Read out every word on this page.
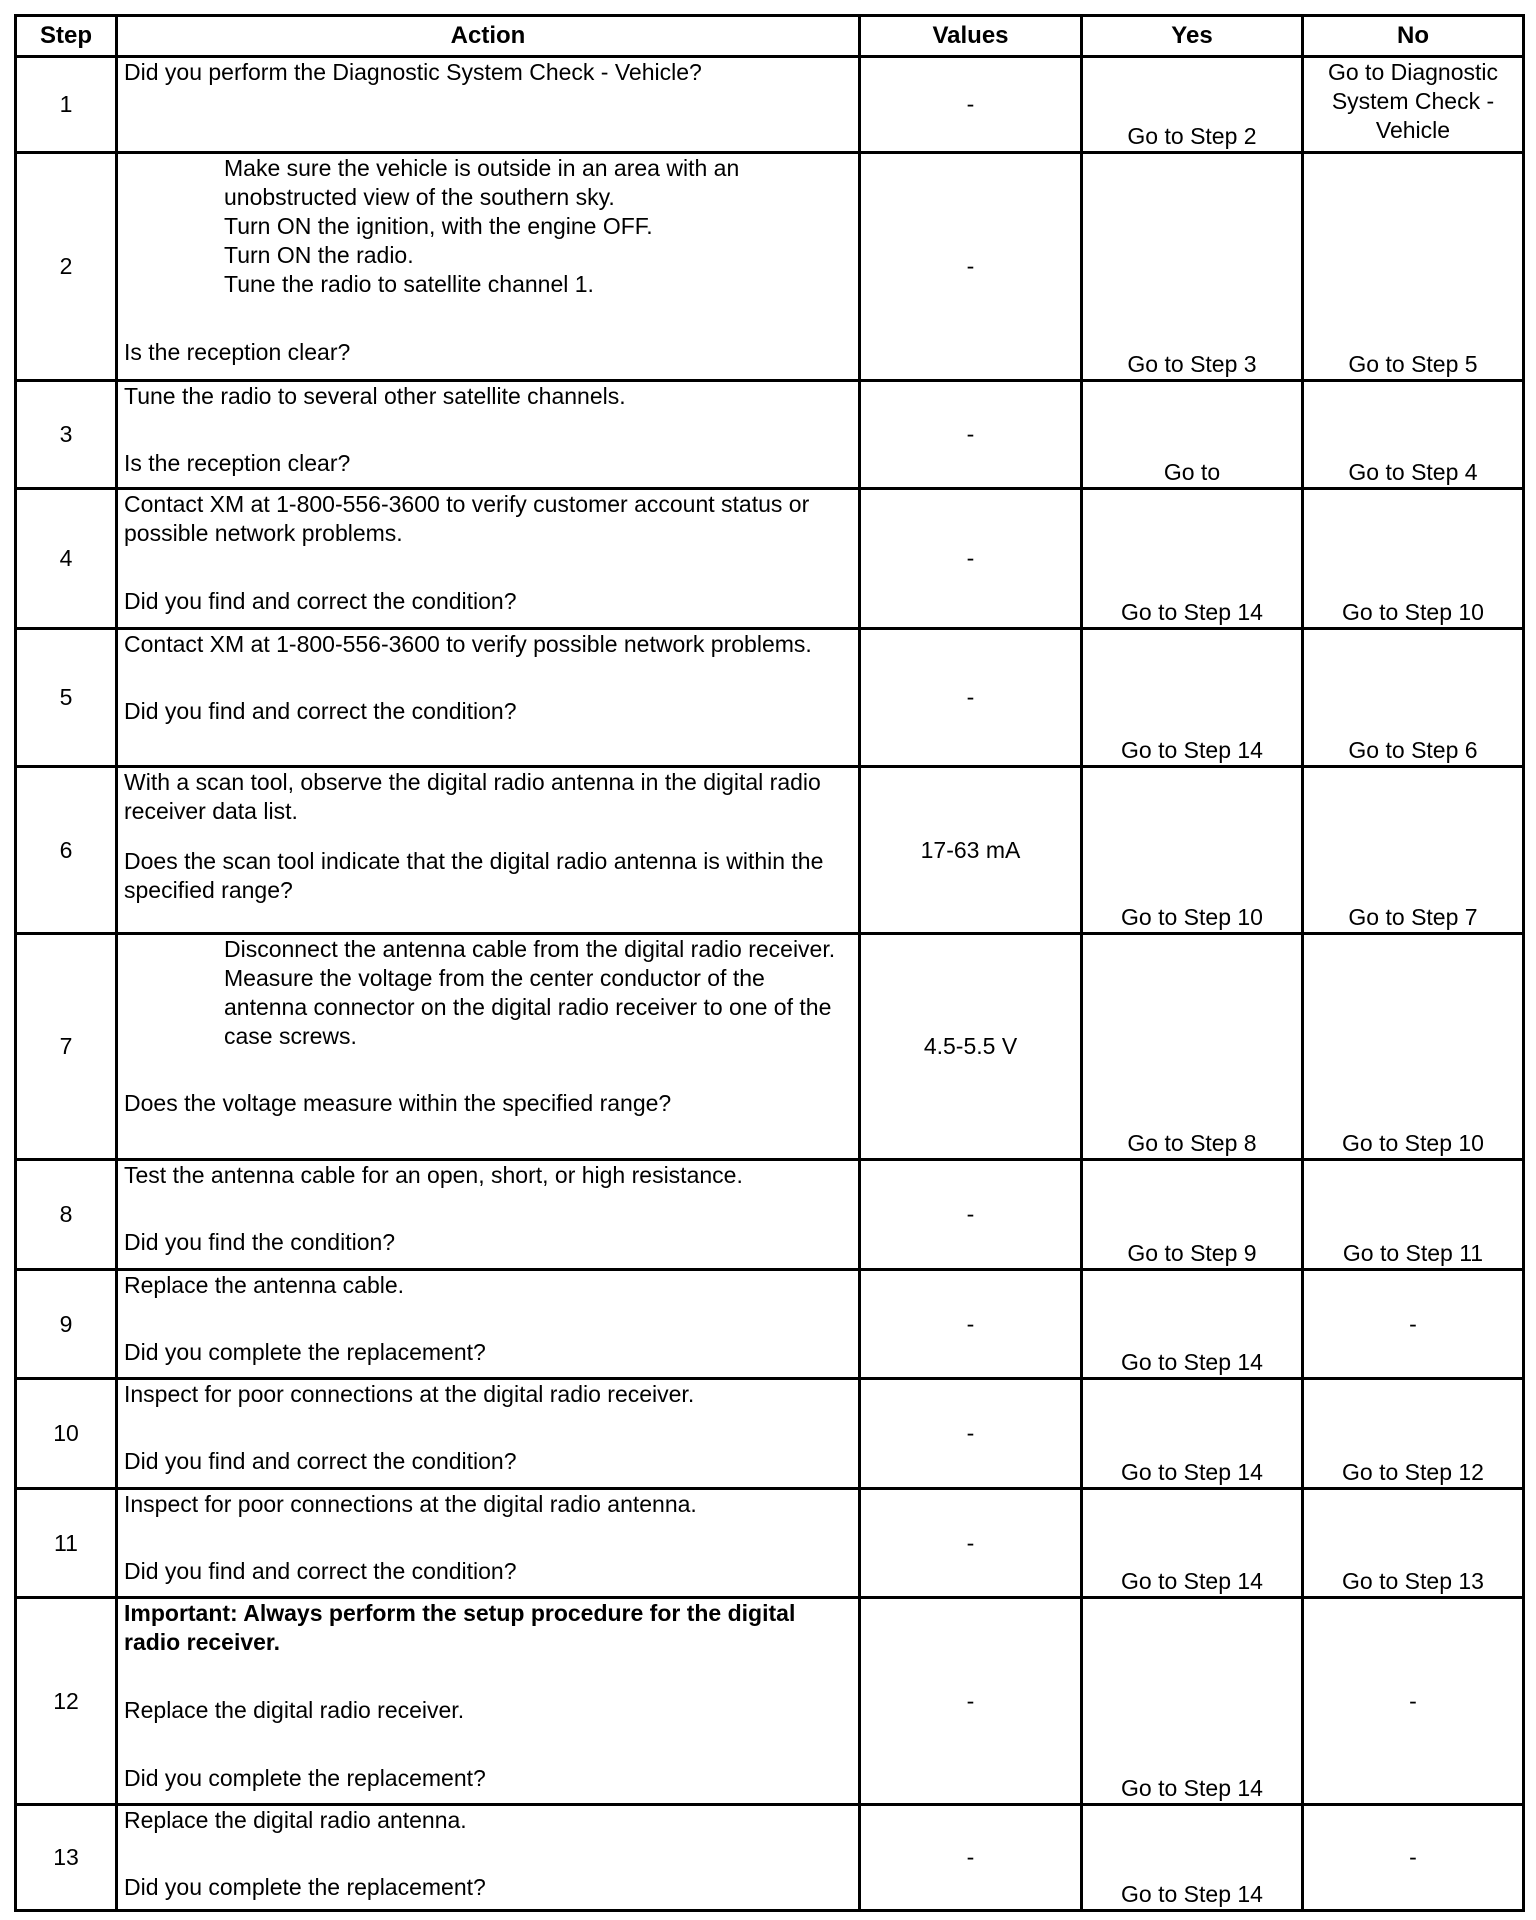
Step	Action	Values	Yes	No
1	Did you perform the Diagnostic System Check - Vehicle?	-	Go to Step 2	Go to Diagnostic System Check - Vehicle
2	Make sure the vehicle is outside in an area with an unobstructed view of the southern sky.
Turn ON the ignition, with the engine OFF.
Turn ON the radio.
Tune the radio to satellite channel 1.
Is the reception clear?	-	Go to Step 3	Go to Step 5
3	Tune the radio to several other satellite channels.
Is the reception clear?	-	Go to	Go to Step 4
4	Contact XM at 1-800-556-3600 to verify customer account status or possible network problems.
Did you find and correct the condition?	-	Go to Step 14	Go to Step 10
5	Contact XM at 1-800-556-3600 to verify possible network problems.
Did you find and correct the condition?	-	Go to Step 14	Go to Step 6
6	With a scan tool, observe the digital radio antenna in the digital radio receiver data list.
Does the scan tool indicate that the digital radio antenna is within the specified range?	17-63 mA	Go to Step 10	Go to Step 7
7	Disconnect the antenna cable from the digital radio receiver.
Measure the voltage from the center conductor of the antenna connector on the digital radio receiver to one of the case screws.
Does the voltage measure within the specified range?	4.5-5.5 V	Go to Step 8	Go to Step 10
8	Test the antenna cable for an open, short, or high resistance.
Did you find the condition?	-	Go to Step 9	Go to Step 11
9	Replace the antenna cable.
Did you complete the replacement?	-	Go to Step 14	-
10	Inspect for poor connections at the digital radio receiver.
Did you find and correct the condition?	-	Go to Step 14	Go to Step 12
11	Inspect for poor connections at the digital radio antenna.
Did you find and correct the condition?	-	Go to Step 14	Go to Step 13
12	Important: Always perform the setup procedure for the digital radio receiver.
Replace the digital radio receiver.
Did you complete the replacement?	-	Go to Step 14	-
13	Replace the digital radio antenna.
Did you complete the replacement?	-	Go to Step 14	-
